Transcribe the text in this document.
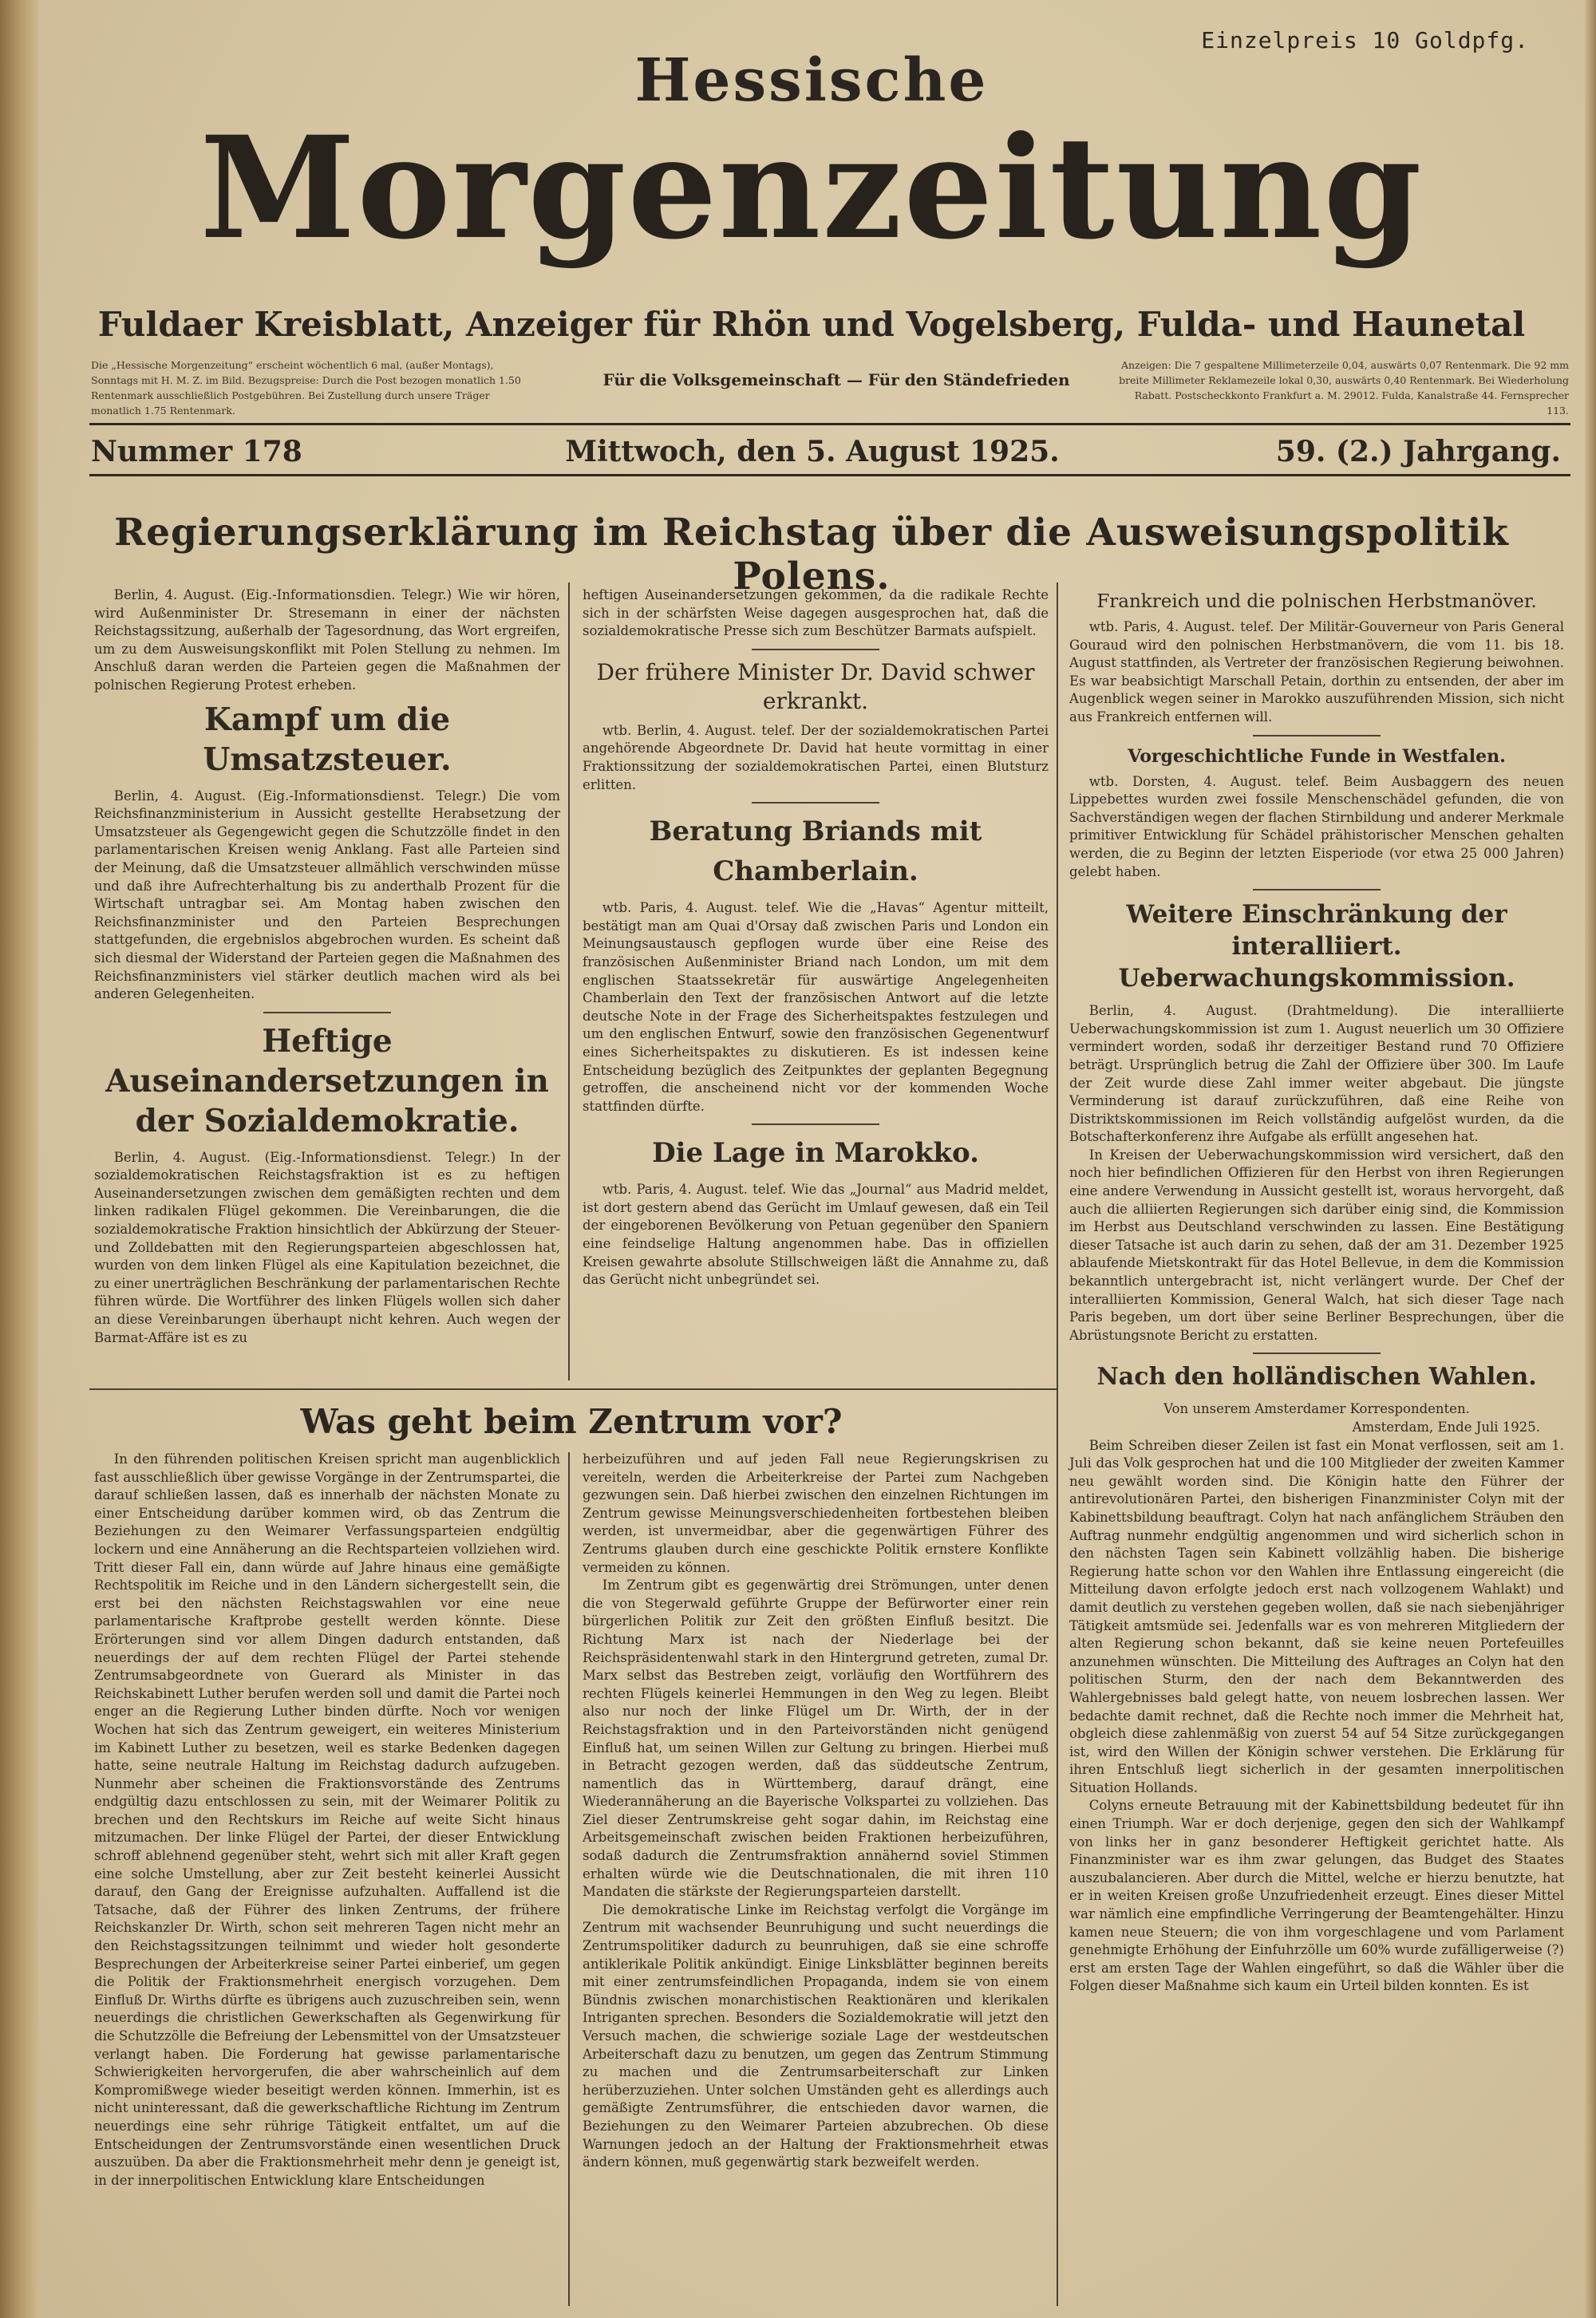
Einzelpreis 10 Goldpfg.
Hessische
Morgenzeitung
Fuldaer Kreisblatt, Anzeiger für Rhön und Vogelsberg, Fulda- und Haunetal
Die „Hessische Morgenzeitung“ erscheint wöchentlich 6 mal, (außer Montags), Sonntags mit H. M. Z. im Bild. Bezugspreise: Durch die Post bezogen monatlich 1.50 Rentenmark ausschließlich Postgebühren. Bei Zustellung durch unsere Träger monatlich 1.75 Rentenmark.
Für die Volksgemeinschaft — Für den Ständefrieden
Anzeigen: Die 7 gespaltene Millimeterzeile 0,04, auswärts 0,07 Rentenmark. Die 92 mm breite Millimeter Reklamezeile lokal 0,30, auswärts 0,40 Rentenmark. Bei Wiederholung Rabatt. Postscheckkonto Frankfurt a. M. 29012. Fulda, Kanalstraße 44. Fernsprecher 113.
Nummer 178	Mittwoch, den 5. August 1925.	59. (2.) Jahrgang.
Regierungserklärung im Reichstag über die Ausweisungspolitik Polens.

Berlin, 4. August. (Eig.-Informationsdien. Telegr.) Wie wir hören, wird Außenminister Dr. Stresemann in einer der nächsten Reichstagssitzung, außerhalb der Tagesordnung, das Wort ergreifen, um zu dem Ausweisungskonflikt mit Polen Stellung zu nehmen. Im Anschluß daran werden die Parteien gegen die Maßnahmen der polnischen Regierung Protest erheben.

Kampf um die Umsatzsteuer.

Berlin, 4. August. (Eig.-Informationsdienst. Telegr.) Die vom Reichsfinanzministerium in Aussicht gestellte Herabsetzung der Umsatzsteuer als Gegengewicht gegen die Schutzzölle findet in den parlamentarischen Kreisen wenig Anklang. Fast alle Parteien sind der Meinung, daß die Umsatzsteuer allmählich verschwinden müsse und daß ihre Aufrechterhaltung bis zu anderthalb Prozent für die Wirtschaft untragbar sei. Am Montag haben zwischen den Reichsfinanzminister und den Parteien Besprechungen stattgefunden, die ergebnislos abgebrochen wurden. Es scheint daß sich diesmal der Widerstand der Parteien gegen die Maßnahmen des Reichsfinanzministers viel stärker deutlich machen wird als bei anderen Gelegenheiten.

Heftige Auseinandersetzungen in der Sozialdemokratie.

Berlin, 4. August. (Eig.-Informationsdienst. Telegr.) In der sozialdemokratischen Reichstagsfraktion ist es zu heftigen Auseinandersetzungen zwischen dem gemäßigten rechten und dem linken radikalen Flügel gekommen. Die Vereinbarungen, die die sozialdemokratische Fraktion hinsichtlich der Abkürzung der Steuer- und Zolldebatten mit den Regierungsparteien abgeschlossen hat, wurden von dem linken Flügel als eine Kapitulation bezeichnet, die zu einer unerträglichen Beschränkung der parlamentarischen Rechte führen würde. Die Wortführer des linken Flügels wollen sich daher an diese Vereinbarungen überhaupt nicht kehren. Auch wegen der Barmat-Affäre ist es zu

heftigen Auseinandersetzungen gekommen, da die radikale Rechte sich in der schärfsten Weise dagegen ausgesprochen hat, daß die sozialdemokratische Presse sich zum Beschützer Barmats aufspielt.

Der frühere Minister Dr. David schwer erkrankt.

wtb. Berlin, 4. August. telef. Der der sozialdemokratischen Partei angehörende Abgeordnete Dr. David hat heute vormittag in einer Fraktionssitzung der sozialdemokratischen Partei, einen Blutsturz erlitten.

Beratung Briands mit Chamberlain.

wtb. Paris, 4. August. telef. Wie die „Havas“ Agentur mitteilt, bestätigt man am Quai d'Orsay daß zwischen Paris und London ein Meinungsaustausch gepflogen wurde über eine Reise des französischen Außenminister Briand nach London, um mit dem englischen Staatssekretär für auswärtige Angelegenheiten Chamberlain den Text der französischen Antwort auf die letzte deutsche Note in der Frage des Sicherheitspaktes festzulegen und um den englischen Entwurf, sowie den französischen Gegenentwurf eines Sicherheitspaktes zu diskutieren. Es ist indessen keine Entscheidung bezüglich des Zeitpunktes der geplanten Begegnung getroffen, die anscheinend nicht vor der kommenden Woche stattfinden dürfte.

Die Lage in Marokko.

wtb. Paris, 4. August. telef. Wie das „Journal“ aus Madrid meldet, ist dort gestern abend das Gerücht im Umlauf gewesen, daß ein Teil der eingeborenen Bevölkerung von Petuan gegenüber den Spaniern eine feindselige Haltung angenommen habe. Das in offiziellen Kreisen gewahrte absolute Stillschweigen läßt die Annahme zu, daß das Gerücht nicht unbegründet sei.

Frankreich und die polnischen Herbstmanöver.

wtb. Paris, 4. August. telef. Der Militär-Gouverneur von Paris General Gouraud wird den polnischen Herbstmanövern, die vom 11. bis 18. August stattfinden, als Vertreter der französischen Regierung beiwohnen. Es war beabsichtigt Marschall Petain, dorthin zu entsenden, der aber im Augenblick wegen seiner in Marokko auszuführenden Mission, sich nicht aus Frankreich entfernen will.

Vorgeschichtliche Funde in Westfalen.

wtb. Dorsten, 4. August. telef. Beim Ausbaggern des neuen Lippebettes wurden zwei fossile Menschenschädel gefunden, die von Sachverständigen wegen der flachen Stirnbildung und anderer Merkmale primitiver Entwicklung für Schädel prähistorischer Menschen gehalten werden, die zu Beginn der letzten Eisperiode (vor etwa 25 000 Jahren) gelebt haben.

Weitere Einschränkung der interalliiert. Ueberwachungskommission.

Berlin, 4. August. (Drahtmeldung). Die interalliierte Ueberwachungskommission ist zum 1. August neuerlich um 30 Offiziere vermindert worden, sodaß ihr derzeitiger Bestand rund 70 Offiziere beträgt. Ursprünglich betrug die Zahl der Offiziere über 300. Im Laufe der Zeit wurde diese Zahl immer weiter abgebaut. Die jüngste Verminderung ist darauf zurückzuführen, daß eine Reihe von Distriktskommissionen im Reich vollständig aufgelöst wurden, da die Botschafterkonferenz ihre Aufgabe als erfüllt angesehen hat.

In Kreisen der Ueberwachungskommission wird versichert, daß den noch hier befindlichen Offizieren für den Herbst von ihren Regierungen eine andere Verwendung in Aussicht gestellt ist, woraus hervorgeht, daß auch die alliierten Regierungen sich darüber einig sind, die Kommission im Herbst aus Deutschland verschwinden zu lassen. Eine Bestätigung dieser Tatsache ist auch darin zu sehen, daß der am 31. Dezember 1925 ablaufende Mietskontrakt für das Hotel Bellevue, in dem die Kommission bekanntlich untergebracht ist, nicht verlängert wurde. Der Chef der interalliierten Kommission, General Walch, hat sich dieser Tage nach Paris begeben, um dort über seine Berliner Besprechungen, über die Abrüstungsnote Bericht zu erstatten.

Nach den holländischen Wahlen.
Von unserem Amsterdamer Korrespondenten.
Amsterdam, Ende Juli 1925.

Beim Schreiben dieser Zeilen ist fast ein Monat verflossen, seit am 1. Juli das Volk gesprochen hat und die 100 Mitglieder der zweiten Kammer neu gewählt worden sind. Die Königin hatte den Führer der antirevolutionären Partei, den bisherigen Finanzminister Colyn mit der Kabinettsbildung beauftragt. Colyn hat nach anfänglichem Sträuben den Auftrag nunmehr endgültig angenommen und wird sicherlich schon in den nächsten Tagen sein Kabinett vollzählig haben. Die bisherige Regierung hatte schon vor den Wahlen ihre Entlassung eingereicht (die Mitteilung davon erfolgte jedoch erst nach vollzogenem Wahlakt) und damit deutlich zu verstehen gegeben wollen, daß sie nach siebenjähriger Tätigkeit amtsmüde sei. Jedenfalls war es von mehreren Mitgliedern der alten Regierung schon bekannt, daß sie keine neuen Portefeuilles anzunehmen wünschten. Die Mitteilung des Auftrages an Colyn hat den politischen Sturm, den der nach dem Bekanntwerden des Wahlergebnisses bald gelegt hatte, von neuem losbrechen lassen. Wer bedachte damit rechnet, daß die Rechte noch immer die Mehrheit hat, obgleich diese zahlenmäßig von zuerst 54 auf 54 Sitze zurückgegangen ist, wird den Willen der Königin schwer verstehen. Die Erklärung für ihren Entschluß liegt sicherlich in der gesamten innerpolitischen Situation Hollands.

Colyns erneute Betrauung mit der Kabinettsbildung bedeutet für ihn einen Triumph. War er doch derjenige, gegen den sich der Wahlkampf von links her in ganz besonderer Heftigkeit gerichtet hatte. Als Finanzminister war es ihm zwar gelungen, das Budget des Staates auszubalancieren. Aber durch die Mittel, welche er hierzu benutzte, hat er in weiten Kreisen große Unzufriedenheit erzeugt. Eines dieser Mittel war nämlich eine empfindliche Verringerung der Beamtengehälter. Hinzu kamen neue Steuern; die von ihm vorgeschlagene und vom Parlament genehmigte Erhöhung der Einfuhrzölle um 60% wurde zufälligerweise (?) erst am ersten Tage der Wahlen eingeführt, so daß die Wähler über die Folgen dieser Maßnahme sich kaum ein Urteil bilden konnten. Es ist

Was geht beim Zentrum vor?

In den führenden politischen Kreisen spricht man augenblicklich fast ausschließlich über gewisse Vorgänge in der Zentrumspartei, die darauf schließen lassen, daß es innerhalb der nächsten Monate zu einer Entscheidung darüber kommen wird, ob das Zentrum die Beziehungen zu den Weimarer Verfassungsparteien endgültig lockern und eine Annäherung an die Rechtsparteien vollziehen wird. Tritt dieser Fall ein, dann würde auf Jahre hinaus eine gemäßigte Rechtspolitik im Reiche und in den Ländern sichergestellt sein, die erst bei den nächsten Reichstagswahlen vor eine neue parlamentarische Kraftprobe gestellt werden könnte. Diese Erörterungen sind vor allem Dingen dadurch entstanden, daß neuerdings der auf dem rechten Flügel der Partei stehende Zentrumsabgeordnete von Guerard als Minister in das Reichskabinett Luther berufen werden soll und damit die Partei noch enger an die Regierung Luther binden dürfte. Noch vor wenigen Wochen hat sich das Zentrum geweigert, ein weiteres Ministerium im Kabinett Luther zu besetzen, weil es starke Bedenken dagegen hatte, seine neutrale Haltung im Reichstag dadurch aufzugeben. Nunmehr aber scheinen die Fraktionsvorstände des Zentrums endgültig dazu entschlossen zu sein, mit der Weimarer Politik zu brechen und den Rechtskurs im Reiche auf weite Sicht hinaus mitzumachen. Der linke Flügel der Partei, der dieser Entwicklung schroff ablehnend gegenüber steht, wehrt sich mit aller Kraft gegen eine solche Umstellung, aber zur Zeit besteht keinerlei Aussicht darauf, den Gang der Ereignisse aufzuhalten. Auffallend ist die Tatsache, daß der Führer des linken Zentrums, der frühere Reichskanzler Dr. Wirth, schon seit mehreren Tagen nicht mehr an den Reichstagssitzungen teilnimmt und wieder holt gesonderte Besprechungen der Arbeiterkreise seiner Partei einberief, um gegen die Politik der Fraktionsmehrheit energisch vorzugehen. Dem Einfluß Dr. Wirths dürfte es übrigens auch zuzuschreiben sein, wenn neuerdings die christlichen Gewerkschaften als Gegenwirkung für die Schutzzölle die Befreiung der Lebensmittel von der Umsatzsteuer verlangt haben. Die Forderung hat gewisse parlamentarische Schwierigkeiten hervorgerufen, die aber wahrscheinlich auf dem Kompromißwege wieder beseitigt werden können. Immerhin, ist es nicht uninteressant, daß die gewerkschaftliche Richtung im Zentrum neuerdings eine sehr rührige Tätigkeit entfaltet, um auf die Entscheidungen der Zentrumsvorstände einen wesentlichen Druck auszuüben. Da aber die Fraktionsmehrheit mehr denn je geneigt ist, in der innerpolitischen Entwicklung klare Entscheidungen

herbeizuführen und auf jeden Fall neue Regierungskrisen zu vereiteln, werden die Arbeiterkreise der Partei zum Nachgeben gezwungen sein. Daß hierbei zwischen den einzelnen Richtungen im Zentrum gewisse Meinungsverschiedenheiten fortbestehen bleiben werden, ist unvermeidbar, aber die gegenwärtigen Führer des Zentrums glauben durch eine geschickte Politik ernstere Konflikte vermeiden zu können.

Im Zentrum gibt es gegenwärtig drei Strömungen, unter denen die von Stegerwald geführte Gruppe der Befürworter einer rein bürgerlichen Politik zur Zeit den größten Einfluß besitzt. Die Richtung Marx ist nach der Niederlage bei der Reichspräsidentenwahl stark in den Hintergrund getreten, zumal Dr. Marx selbst das Bestreben zeigt, vorläufig den Wortführern des rechten Flügels keinerlei Hemmungen in den Weg zu legen. Bleibt also nur noch der linke Flügel um Dr. Wirth, der in der Reichstagsfraktion und in den Parteivorständen nicht genügend Einfluß hat, um seinen Willen zur Geltung zu bringen. Hierbei muß in Betracht gezogen werden, daß das süddeutsche Zentrum, namentlich das in Württemberg, darauf drängt, eine Wiederannäherung an die Bayerische Volkspartei zu vollziehen. Das Ziel dieser Zentrumskreise geht sogar dahin, im Reichstag eine Arbeitsgemeinschaft zwischen beiden Fraktionen herbeizuführen, sodaß dadurch die Zentrumsfraktion annähernd soviel Stimmen erhalten würde wie die Deutschnationalen, die mit ihren 110 Mandaten die stärkste der Regierungsparteien darstellt.

Die demokratische Linke im Reichstag verfolgt die Vorgänge im Zentrum mit wachsender Beunruhigung und sucht neuerdings die Zentrumspolitiker dadurch zu beunruhigen, daß sie eine schroffe antiklerikale Politik ankündigt. Einige Linksblätter beginnen bereits mit einer zentrumsfeindlichen Propaganda, indem sie von einem Bündnis zwischen monarchistischen Reaktionären und klerikalen Intriganten sprechen. Besonders die Sozialdemokratie will jetzt den Versuch machen, die schwierige soziale Lage der westdeutschen Arbeiterschaft dazu zu benutzen, um gegen das Zentrum Stimmung zu machen und die Zentrumsarbeiterschaft zur Linken herüberzuziehen. Unter solchen Umständen geht es allerdings auch gemäßigte Zentrumsführer, die entschieden davor warnen, die Beziehungen zu den Weimarer Parteien abzubrechen. Ob diese Warnungen jedoch an der Haltung der Fraktionsmehrheit etwas ändern können, muß gegenwärtig stark bezweifelt werden.
